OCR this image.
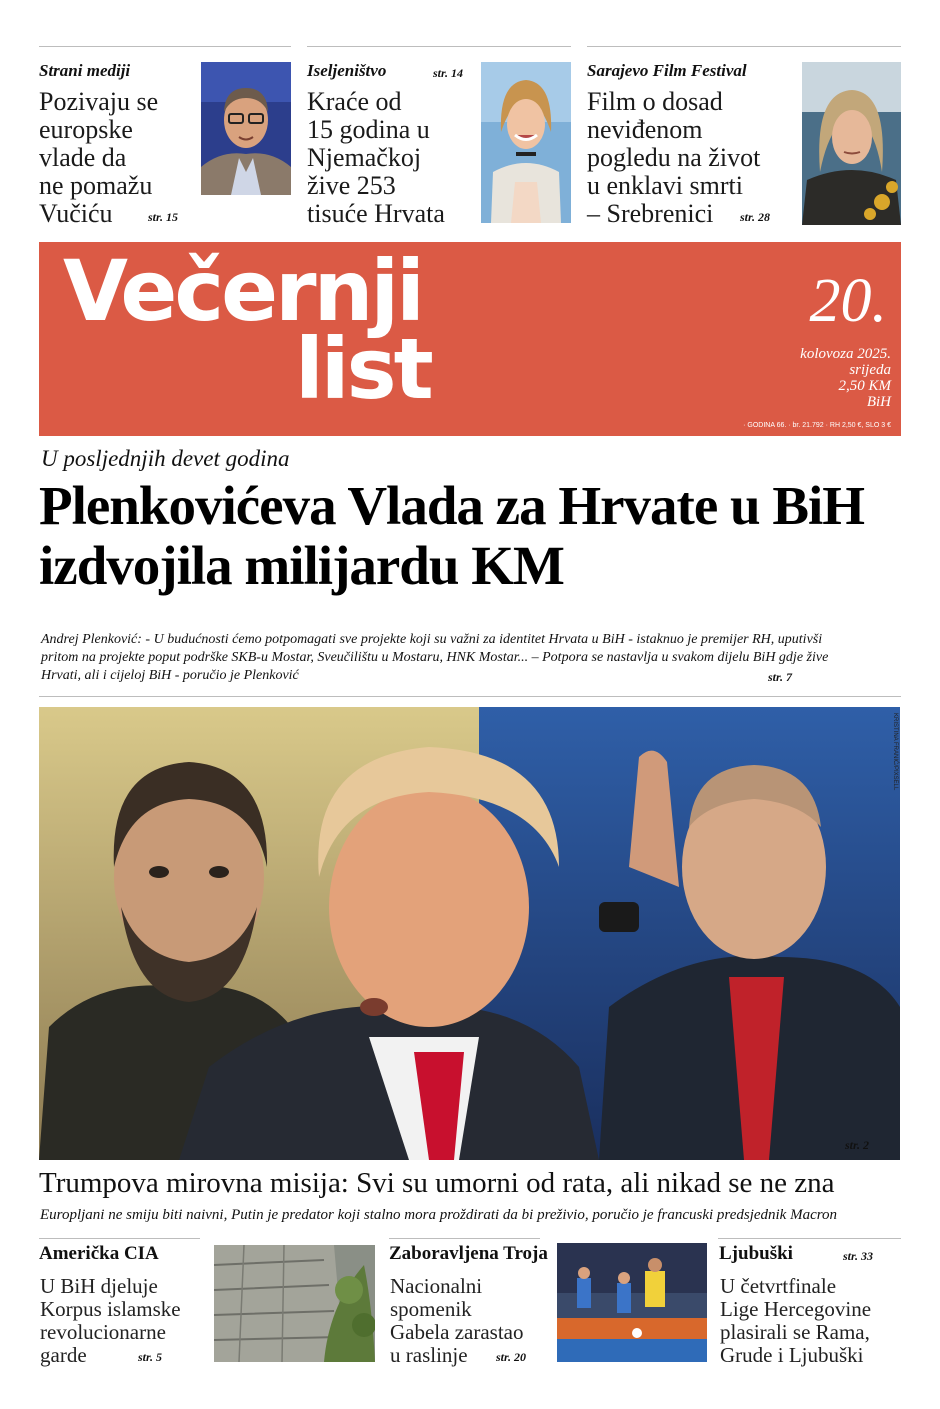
Strani mediji
Pozivaju se
europske
vlade da
ne pomažu
Vučiću	str. 15
Iseljeništvo	str. 14
Kraće od
15 godina u
Njemačkoj
žive 253
tisuće Hrvata
Sarajevo Film Festival
Film o dosad
neviđenom
pogledu na život
u enklavi smrti
– Srebrenici	str. 28
Večernji
list
20.
kolovoza 2025.
srijeda
2,50 KM
BiH
· GODINA 66. · br. 21.792 · RH 2,50 €, SLO 3 €
U posljednjih devet godina
Plenkovićeva Vlada za Hrvate u BiH izdvojila milijardu KM
Andrej Plenković: - U budućnosti ćemo potpomagati sve projekte koji su važni za identitet Hrvata u BiH - istaknuo je premijer RH, uputivši pritom na projekte poput podrške SKB-u Mostar, Sveučilištu u Mostaru, HNK Mostar... – Potpora se nastavlja u svakom dijelu BiH gdje žive Hrvati, ali i cijeloj BiH - poručio je Plenković	str. 7
KRISTINA FRANIĆ/PIXSELL
str. 2
Trumpova mirovna misija: Svi su umorni od rata, ali nikad se ne zna
Europljani ne smiju biti naivni, Putin je predator koji stalno mora proždirati da bi preživio, poručio je francuski predsjednik Macron
Američka CIA
U BiH djeluje
Korpus islamske
revolucionarne
garde	str. 5
Zaboravljena Troja
Nacionalni
spomenik
Gabela zarastao
u raslinje	str. 20
Ljubuški	str. 33
U četvrtfinale
Lige Hercegovine
plasirali se Rama,
Grude i Ljubuški
